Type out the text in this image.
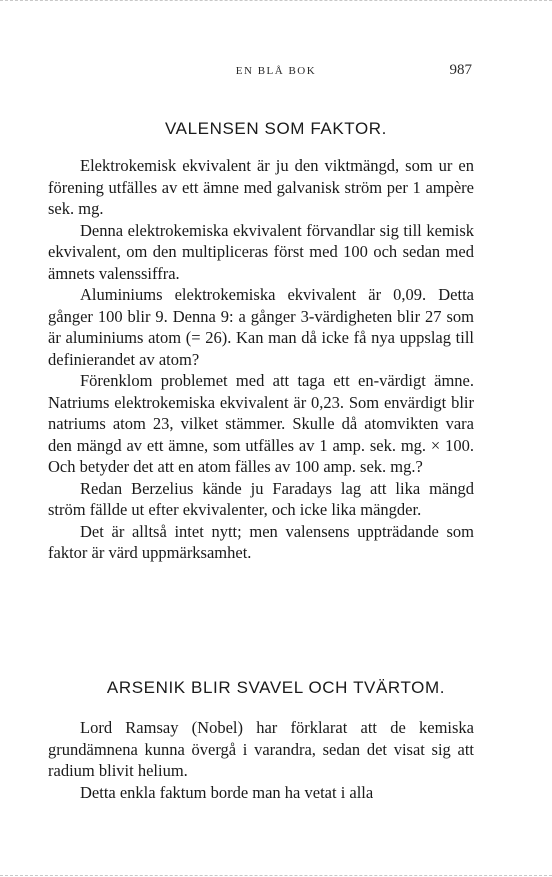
EN BLÅ BOK	987
VALENSEN SOM FAKTOR.

Elektrokemisk ekvivalent är ju den viktmängd, som ur en förening utfälles av ett ämne med galvanisk ström per 1 ampère sek. mg.

Denna elektrokemiska ekvivalent förvandlar sig till kemisk ekvivalent, om den multipliceras först med 100 och sedan med ämnets valenssiffra.

Aluminiums elektrokemiska ekvivalent är 0,09. Detta gånger 100 blir 9. Denna 9: a gånger 3-värdigheten blir 27 som är aluminiums atom (= 26). Kan man då icke få nya uppslag till definierandet av atom?

Förenklom problemet med att taga ett en-värdigt ämne. Natriums elektrokemiska ekvivalent är 0,23. Som envärdigt blir natriums atom 23, vilket stämmer. Skulle då atomvikten vara den mängd av ett ämne, som utfälles av 1 amp. sek. mg. × 100. Och betyder det att en atom fälles av 100 amp. sek. mg.?

Redan Berzelius kände ju Faradays lag att lika mängd ström fällde ut efter ekvivalenter, och icke lika mängder.

Det är alltså intet nytt; men valensens uppträdande som faktor är värd uppmärksamhet.

ARSENIK BLIR SVAVEL OCH TVÄRTOM.

Lord Ramsay (Nobel) har förklarat att de kemiska grundämnena kunna övergå i varandra, sedan det visat sig att radium blivit helium.

Detta enkla faktum borde man ha vetat i alla
